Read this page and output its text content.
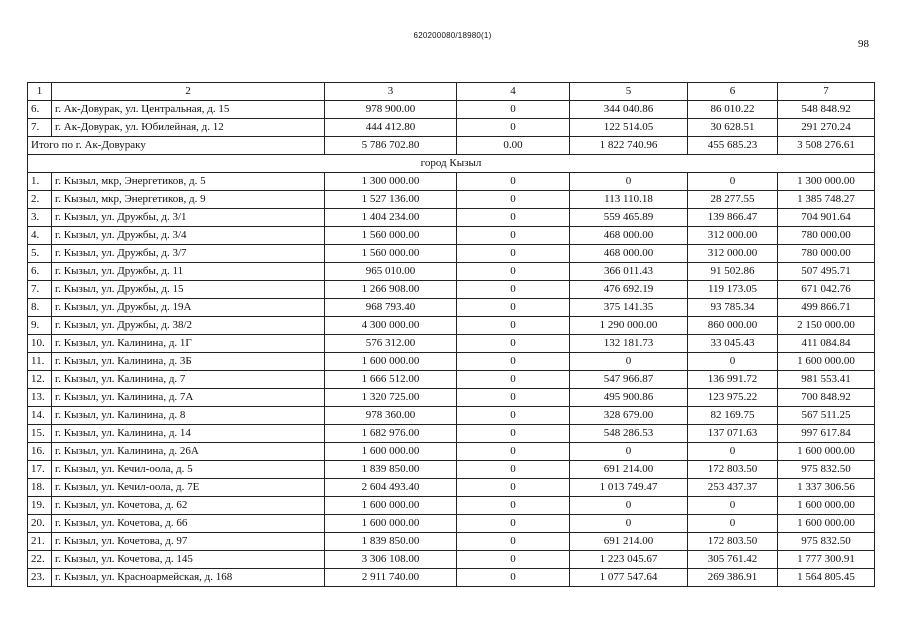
620200080/18980(1)
98
1	2	3	4	5	6	7
6.	г. Ак-Довурак, ул. Центральная, д. 15	978 900.00	0	344 040.86	86 010.22	548 848.92
7.	г. Ак-Довурак, ул. Юбилейная, д. 12	444 412.80	0	122 514.05	30 628.51	291 270.24
Итого по г. Ак-Довураку		5 786 702.80	0.00	1 822 740.96	455 685.23	3 508 276.61
город Кызыл						
1.	г. Кызыл, мкр, Энергетиков, д. 5	1 300 000.00	0	0	0	1 300 000.00
2.	г. Кызыл, мкр, Энергетиков, д. 9	1 527 136.00	0	113 110.18	28 277.55	1 385 748.27
3.	г. Кызыл, ул. Дружбы, д. 3/1	1 404 234.00	0	559 465.89	139 866.47	704 901.64
4.	г. Кызыл, ул. Дружбы, д. 3/4	1 560 000.00	0	468 000.00	312 000.00	780 000.00
5.	г. Кызыл, ул. Дружбы, д. 3/7	1 560 000.00	0	468 000.00	312 000.00	780 000.00
6.	г. Кызыл, ул. Дружбы, д. 11	965 010.00	0	366 011.43	91 502.86	507 495.71
7.	г. Кызыл, ул. Дружбы, д. 15	1 266 908.00	0	476 692.19	119 173.05	671 042.76
8.	г. Кызыл, ул. Дружбы, д. 19А	968 793.40	0	375 141.35	93 785.34	499 866.71
9.	г. Кызыл, ул. Дружбы, д. 38/2	4 300 000.00	0	1 290 000.00	860 000.00	2 150 000.00
10.	г. Кызыл, ул. Калинина, д. 1Г	576 312.00	0	132 181.73	33 045.43	411 084.84
11.	г. Кызыл, ул. Калинина, д. 3Б	1 600 000.00	0	0	0	1 600 000.00
12.	г. Кызыл, ул. Калинина, д. 7	1 666 512.00	0	547 966.87	136 991.72	981 553.41
13.	г. Кызыл, ул. Калинина, д. 7А	1 320 725.00	0	495 900.86	123 975.22	700 848.92
14.	г. Кызыл, ул. Калинина, д. 8	978 360.00	0	328 679.00	82 169.75	567 511.25
15.	г. Кызыл, ул. Калинина, д. 14	1 682 976.00	0	548 286.53	137 071.63	997 617.84
16.	г. Кызыл, ул. Калинина, д. 26А	1 600 000.00	0	0	0	1 600 000.00
17.	г. Кызыл, ул. Кечил-оола, д. 5	1 839 850.00	0	691 214.00	172 803.50	975 832.50
18.	г. Кызыл, ул. Кечил-оола, д. 7Е	2 604 493.40	0	1 013 749.47	253 437.37	1 337 306.56
19.	г. Кызыл, ул. Кочетова, д. 62	1 600 000.00	0	0	0	1 600 000.00
20.	г. Кызыл, ул. Кочетова, д. 66	1 600 000.00	0	0	0	1 600 000.00
21.	г. Кызыл, ул. Кочетова, д. 97	1 839 850.00	0	691 214.00	172 803.50	975 832.50
22.	г. Кызыл, ул. Кочетова, д. 145	3 306 108.00	0	1 223 045.67	305 761.42	1 777 300.91
23.	г. Кызыл, ул. Красноармейская, д. 168	2 911 740.00	0	1 077 547.64	269 386.91	1 564 805.45
